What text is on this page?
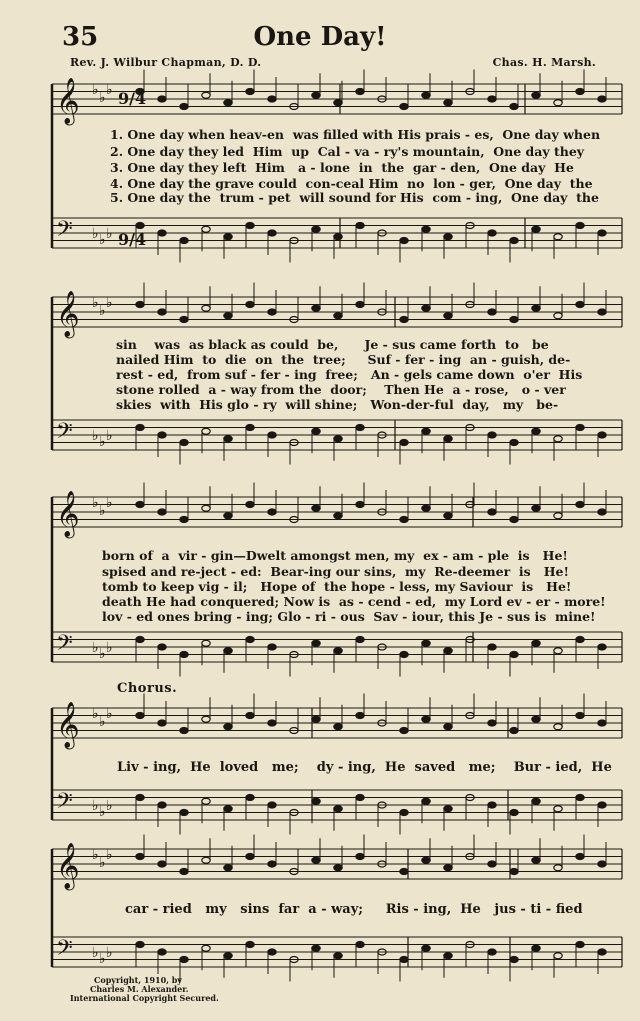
35	One Day!
Rev. J. Wilbur Chapman, D. D.	Chas. H. Marsh.
9/4
9/4
𝄞 ♭ ♭ ♭
𝄢 ♭ ♭ ♭
𝄞 ♭ ♭ ♭
𝄢 ♭ ♭ ♭
𝄞 ♭ ♭ ♭
𝄢 ♭ ♭ ♭
𝄞 ♭ ♭ ♭
𝄢 ♭ ♭ ♭
𝄞 ♭ ♭ ♭
𝄢 ♭ ♭ ♭
1. One day when heav-en  was filled with His prais - es,  One day when
2. One day they led  Him  up  Cal - va - ry's mountain,  One day they
3. One day they left  Him   a - lone  in  the  gar - den,  One day  He
4. One day the grave could  con-ceal Him  no  lon - ger,  One day  the
5. One day the  trum - pet  will sound for His  com - ing,  One day  the
sin    was  as black as could  be,      Je - sus came forth  to   be
nailed Him  to  die  on  the  tree;     Suf - fer - ing  an - guish, de-
rest - ed,  from suf - fer - ing  free;   An - gels came down  o'er  His
stone rolled  a - way from the  door;    Then He  a - rose,   o - ver
skies  with  His glo - ry  will shine;   Won-der-ful  day,   my   be-
born of  a  vir - gin—Dwelt amongst men, my  ex - am - ple  is   He!
spised and re-ject - ed:  Bear-ing our sins,  my  Re-deemer  is   He!
tomb to keep vig - il;   Hope of  the hope - less, my Saviour  is   He!
death He had conquered; Now is  as - cend - ed,  my Lord ev - er - more!
lov - ed ones bring - ing; Glo - ri - ous  Sav - iour, this Je - sus is  mine!
Chorus.
Liv - ing,  He  loved   me;    dy - ing,  He  saved   me;    Bur - ied,  He
car - ried   my   sins  far  a - way;     Ris - ing,  He   jus - ti - fied
Copyright, 1910, by
Charles M. Alexander.
International Copyright Secured.
